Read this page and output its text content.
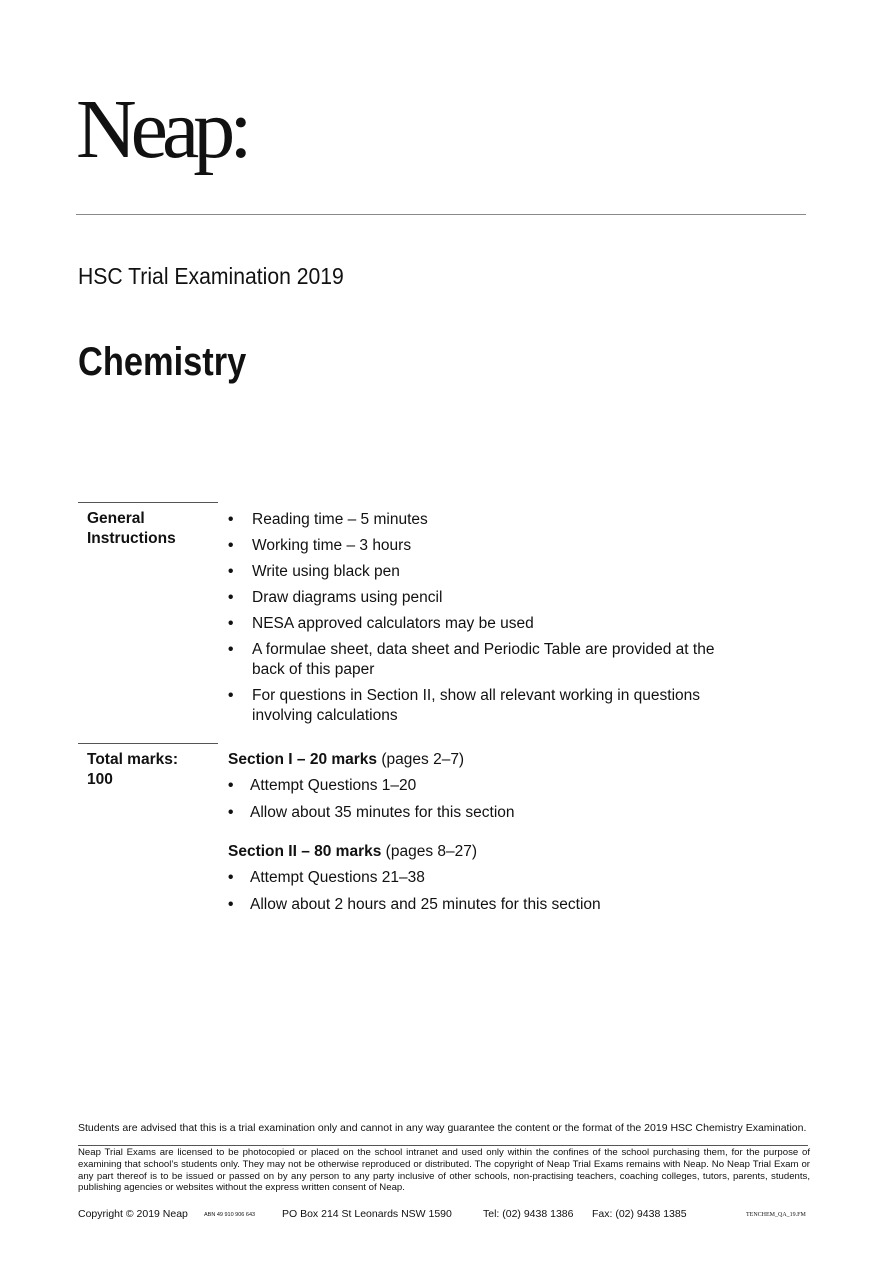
Neap:
HSC Trial Examination 2019
Chemistry
General
Instructions
• Reading time – 5 minutes
• Working time – 3 hours
• Write using black pen
• Draw diagrams using pencil
• NESA approved calculators may be used
• A formulae sheet, data sheet and Periodic Table are provided at the back of this paper
• For questions in Section II, show all relevant working in questions involving calculations
Total marks:
100
Section I – 20 marks (pages 2–7)
• Attempt Questions 1–20
• Allow about 35 minutes for this section
Section II – 80 marks (pages 8–27)
• Attempt Questions 21–38
• Allow about 2 hours and 25 minutes for this section
Students are advised that this is a trial examination only and cannot in any way guarantee the content or the format of the 2019 HSC Chemistry Examination.
Neap Trial Exams are licensed to be photocopied or placed on the school intranet and used only within the confines of the school purchasing them, for the purpose of examining that school’s students only. They may not be otherwise reproduced or distributed. The copyright of Neap Trial Exams remains with Neap. No Neap Trial Exam or any part thereof is to be issued or passed on by any person to any party inclusive of other schools, non-practising teachers, coaching colleges, tutors, parents, students, publishing agencies or websites without the express written consent of Neap.
Copyright © 2019 Neap	ABN 49 910 906 643	PO Box 214 St Leonards NSW 1590	Tel: (02) 9438 1386 Fax: (02) 9438 1385	TENCHEM_QA_19.FM
